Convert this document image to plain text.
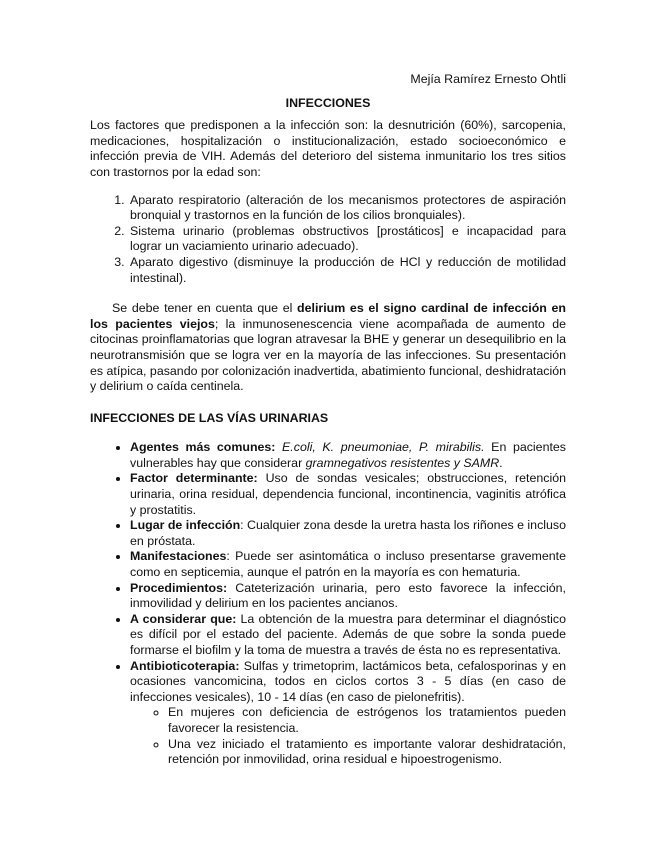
Mejía Ramírez Ernesto Ohtli

INFECCIONES

Los factores que predisponen a la infección son: la desnutrición (60%), sarcopenia, medicaciones, hospitalización o institucionalización, estado socioeconómico e infección previa de VIH. Además del deterioro del sistema inmunitario los tres sitios con trastornos por la edad son:

1. Aparato respiratorio (alteración de los mecanismos protectores de aspiración bronquial y trastornos en la función de los cilios bronquiales).
2. Sistema urinario (problemas obstructivos [prostáticos] e incapacidad para lograr un vaciamiento urinario adecuado).
3. Aparato digestivo (disminuye la producción de HCl y reducción de motilidad intestinal).

Se debe tener en cuenta que el delirium es el signo cardinal de infección en los pacientes viejos; la inmunosenescencia viene acompañada de aumento de citocinas proinflamatorias que logran atravesar la BHE y generar un desequilibrio en la neurotransmisión que se logra ver en la mayoría de las infecciones. Su presentación es atípica, pasando por colonización inadvertida, abatimiento funcional, deshidratación y delirium o caída centinela.

INFECCIONES DE LAS VÍAS URINARIAS
• Agentes más comunes: E.coli, K. pneumoniae, P. mirabilis. En pacientes vulnerables hay que considerar gramnegativos resistentes y SAMR.
• Factor determinante: Uso de sondas vesicales; obstrucciones, retención urinaria, orina residual, dependencia funcional, incontinencia, vaginitis atrófica y prostatitis.
• Lugar de infección: Cualquier zona desde la uretra hasta los riñones e incluso en próstata.
• Manifestaciones: Puede ser asintomática o incluso presentarse gravemente como en septicemia, aunque el patrón en la mayoría es con hematuria.
• Procedimientos: Cateterización urinaria, pero esto favorece la infección, inmovilidad y delirium en los pacientes ancianos.
• A considerar que: La obtención de la muestra para determinar el diagnóstico es difícil por el estado del paciente. Además de que sobre la sonda puede formarse el biofilm y la toma de muestra a través de ésta no es representativa.
• Antibioticoterapia: Sulfas y trimetoprim, lactámicos beta, cefalosporinas y en ocasiones vancomicina, todos en ciclos cortos 3 - 5 días (en caso de infecciones vesicales), 10 - 14 días (en caso de pielonefritis).
◦ En mujeres con deficiencia de estrógenos los tratamientos pueden favorecer la resistencia.
◦ Una vez iniciado el tratamiento es importante valorar deshidratación, retención por inmovilidad, orina residual e hipoestrogenismo.
